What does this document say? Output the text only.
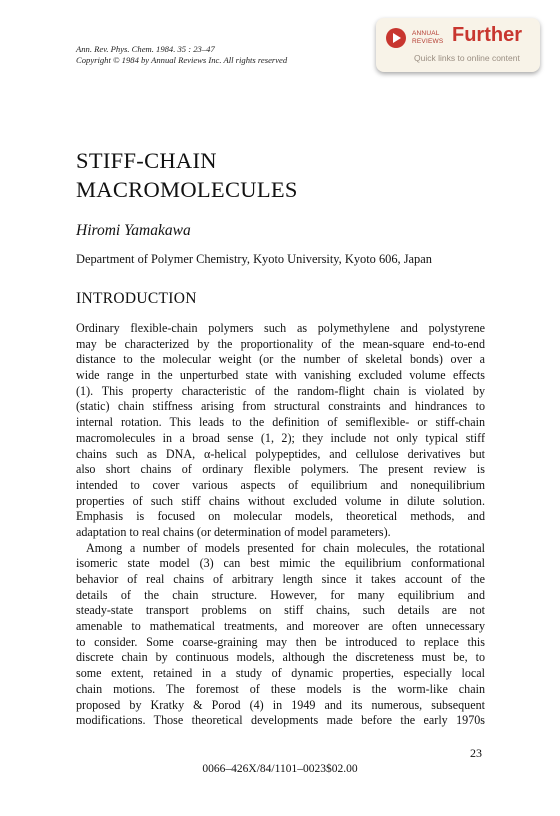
Ann. Rev. Phys. Chem. 1984. 35 : 23–47
Copyright © 1984 by Annual Reviews Inc. All rights reserved
ANNUAL
REVIEWS Further
Quick links to online content
STIFF-CHAIN
MACROMOLECULES
Hiromi Yamakawa
Department of Polymer Chemistry, Kyoto University, Kyoto 606, Japan
INTRODUCTION
Ordinary flexible-chain polymers such as polymethylene and polystyrene
may be characterized by the proportionality of the mean-square end-to-end
distance to the molecular weight (or the number of skeletal bonds) over a
wide range in the unperturbed state with vanishing excluded volume effects
(1). This property characteristic of the random-flight chain is violated by
(static) chain stiffness arising from structural constraints and hindrances to
internal rotation. This leads to the definition of semiflexible- or stiff-chain
macromolecules in a broad sense (1, 2); they include not only typical stiff
chains such as DNA, α-helical polypeptides, and cellulose derivatives but
also short chains of ordinary flexible polymers. The present review is
intended to cover various aspects of equilibrium and nonequilibrium
properties of such stiff chains without excluded volume in dilute solution.
Emphasis is focused on molecular models, theoretical methods, and
adaptation to real chains (or determination of model parameters).
Among a number of models presented for chain molecules, the rotational
isomeric state model (3) can best mimic the equilibrium conformational
behavior of real chains of arbitrary length since it takes account of the
details of the chain structure. However, for many equilibrium and
steady-state transport problems on stiff chains, such details are not
amenable to mathematical treatments, and moreover are often unnecessary
to consider. Some coarse-graining may then be introduced to replace this
discrete chain by continuous models, although the discreteness must be, to
some extent, retained in a study of dynamic properties, especially local
chain motions. The foremost of these models is the worm-like chain
proposed by Kratky & Porod (4) in 1949 and its numerous, subsequent
modifications. Those theoretical developments made before the early 1970s
23
0066–426X/84/1101–0023$02.00
